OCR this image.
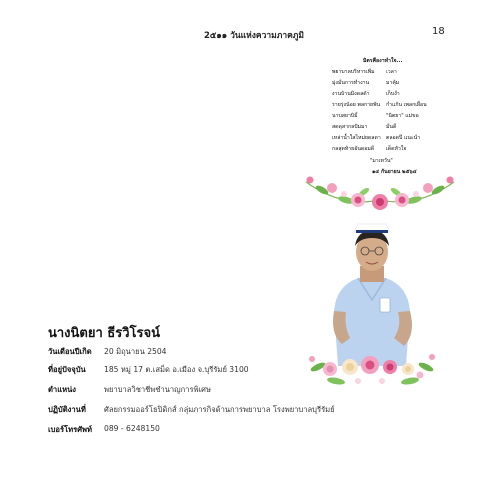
2๕๑๑ วันแห่งความภาคภูมิ	18
มิตรคืองาทำใจ...
พยาบาลบริหารเพิ่ม เวลา
มุ่งมั่นการทำงาน	มาคุ้ม
งานบ้านมิงดลด้า	เก็บงำ
รายรุ่งน้อย พลกายพ้น กำแก้น เพลกเผื่อน
นาบสยาบิมี่	"นิตยา" แม่ขอ
สดดุสากลปัมมา	มั่นดี
เหล่าน้ำใสไหม่ยดลดา ตลอดปี แนะนำ
กลสุดท้ายอันดอมดี เด็ดหัวใจ
"มาเทวัน"
๑๔ กันยายน ๒๕๖๔
นางนิตยา ธีรวิโรจน์
วันเดือนปีเกิด 20 มิถุนายน 2504
ที่อยู่ปัจจุบัน 185 หมู่ 17 ต.เสม็ด อ.เมือง จ.บุรีรัมย์ 3100
ตำแหน่ง	พยาบาลวิชาชีพชำนาญการพิเศษ
ปฏิบัติงานที่ ศัลยกรรมออร์โธปิดิกส์ กลุ่มภารกิจด้านการพยาบาล โรงพยาบาลบุรีรัมย์
เบอร์โทรศัพท์ 089 - 6248150
